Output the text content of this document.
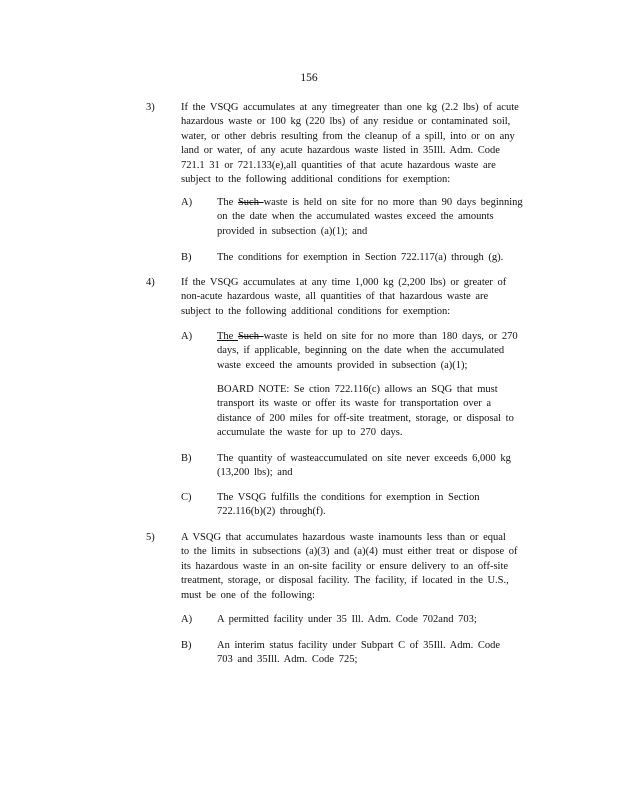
156
3)	If the VSQG accumulates at any timegreater than one kg (2.2 lbs) of acute
hazardous waste or 100 kg (220 lbs) of any residue or contaminated soil,
water, or other debris resulting from the cleanup of a spill, into or on any
land or water, of any acute hazardous waste listed in 35Ill. Adm. Code
721.1 31 or 721.133(e),all quantities of that acute hazardous waste are
subject to the following additional conditions for exemption:
A) The Such waste is held on site for no more than 90 days beginning
on the date when the accumulated wastes exceed the amounts
provided in subsection (a)(1); and
B) The conditions for exemption in Section 722.117(a) through (g).
4)	If the VSQG accumulates at any time 1,000 kg (2,200 lbs) or greater of
non-acute hazardous waste, all quantities of that hazardous waste are
subject to the following additional conditions for exemption:
A) The Such waste is held on site for no more than 180 days, or 270
days, if applicable, beginning on the date when the accumulated
waste exceed the amounts provided in subsection (a)(1);
BOARD NOTE: Se ction 722.116(c) allows an SQG that must
transport its waste or offer its waste for transportation over a
distance of 200 miles for off-site treatment, storage, or disposal to
accumulate the waste for up to 270 days.
B) The quantity of wasteaccumulated on site never exceeds 6,000 kg
(13,200 lbs); and
C) The VSQG fulfills the conditions for exemption in Section
722.116(b)(2) through(f).
5)	A VSQG that accumulates hazardous waste inamounts less than or equal
to the limits in subsections (a)(3) and (a)(4) must either treat or dispose of
its hazardous waste in an on-site facility or ensure delivery to an off-site
treatment, storage, or disposal facility. The facility, if located in the U.S.,
must be one of the following:
A) A permitted facility under 35 Ill. Adm. Code 702and 703;
B) An interim status facility under Subpart C of 35Ill. Adm. Code
703 and 35Ill. Adm. Code 725;
